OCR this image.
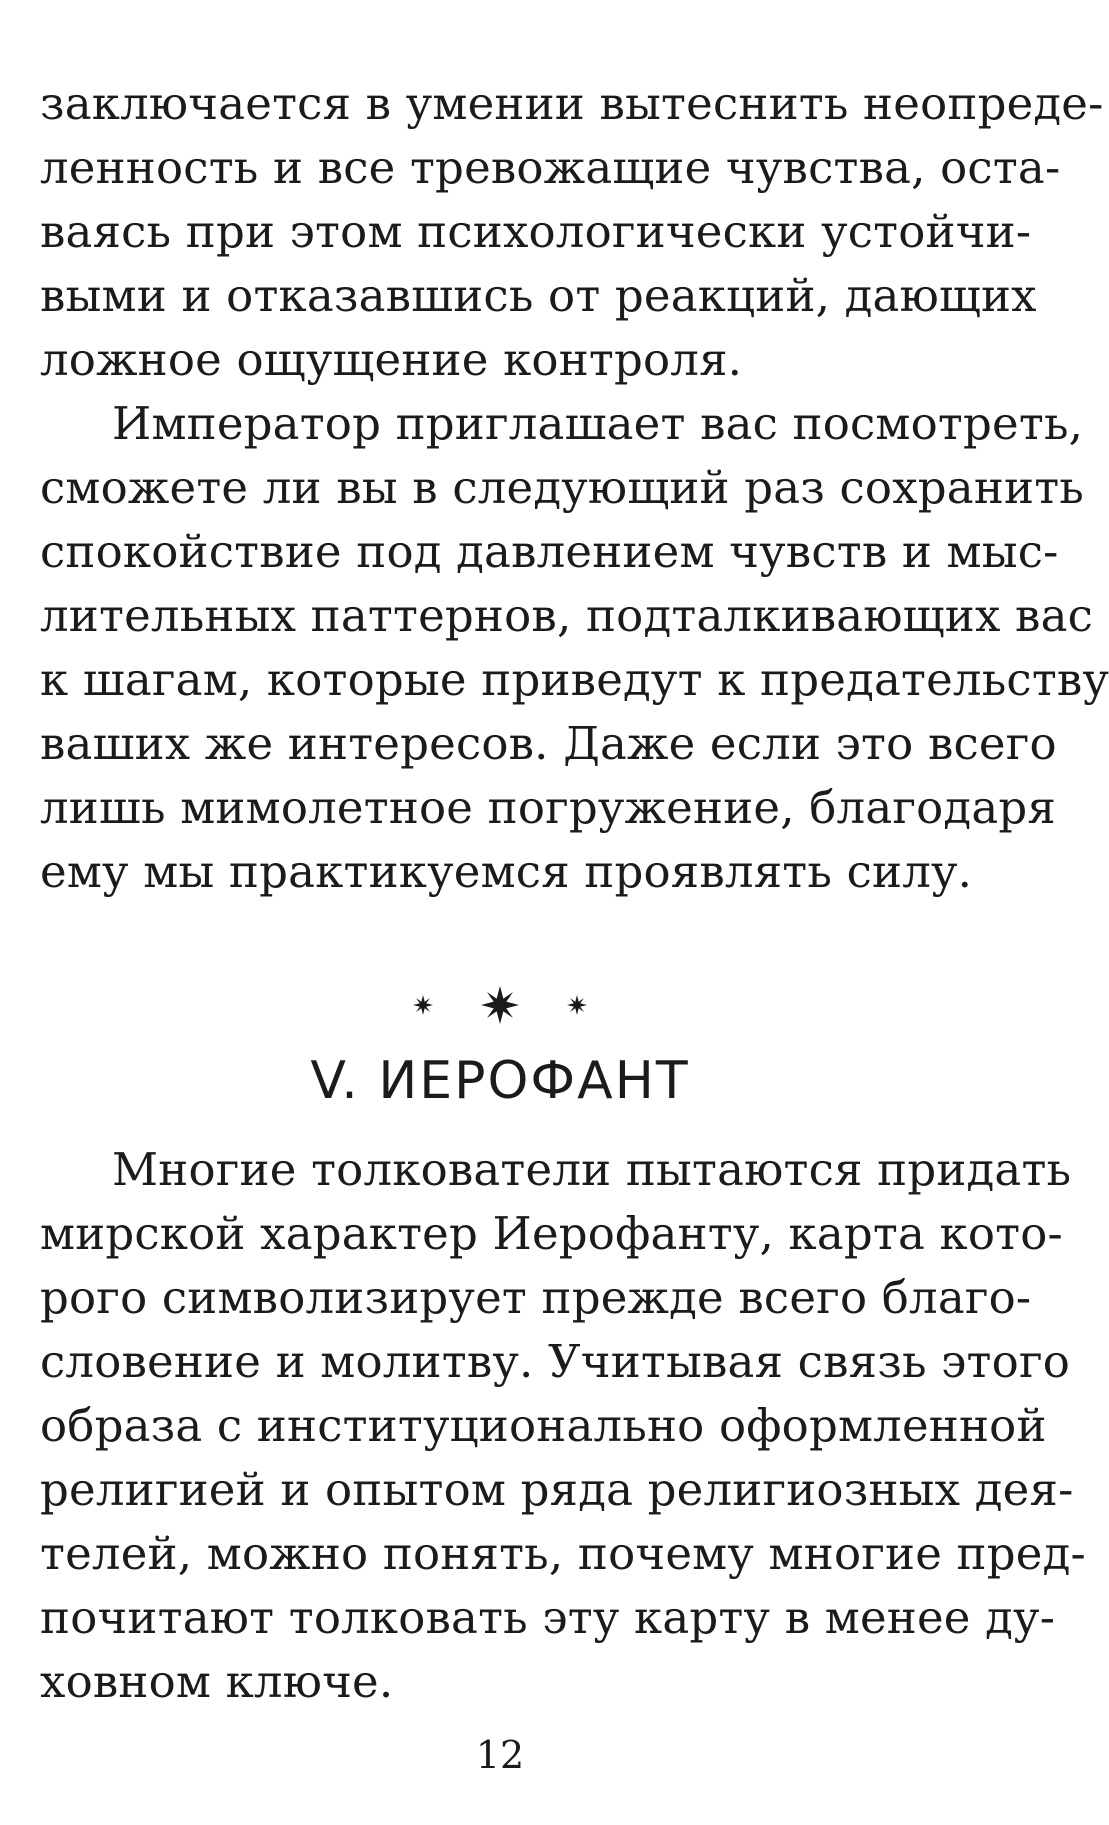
заключается в умении вытеснить неопреде-
ленность и все тревожащие чувства, оста-
ваясь при этом психологически устойчи-
выми и отказавшись от реакций, дающих
ложное ощущение контроля.
Император приглашает вас посмотреть,
сможете ли вы в следующий раз сохранить
спокойствие под давлением чувств и мыс-
лительных паттернов, подталкивающих вас
к шагам, которые приведут к предательству
ваших же интересов. Даже если это всего
лишь мимолетное погружение, благодаря
ему мы практикуемся проявлять силу.
V. ИЕРОФАНТ
Многие толкователи пытаются придать
мирской характер Иерофанту, карта кото-
рого символизирует прежде всего благо-
словение и молитву. Учитывая связь этого
образа с институционально оформленной
религией и опытом ряда религиозных дея-
телей, можно понять, почему многие пред-
почитают толковать эту карту в менее ду-
ховном ключе.
12
